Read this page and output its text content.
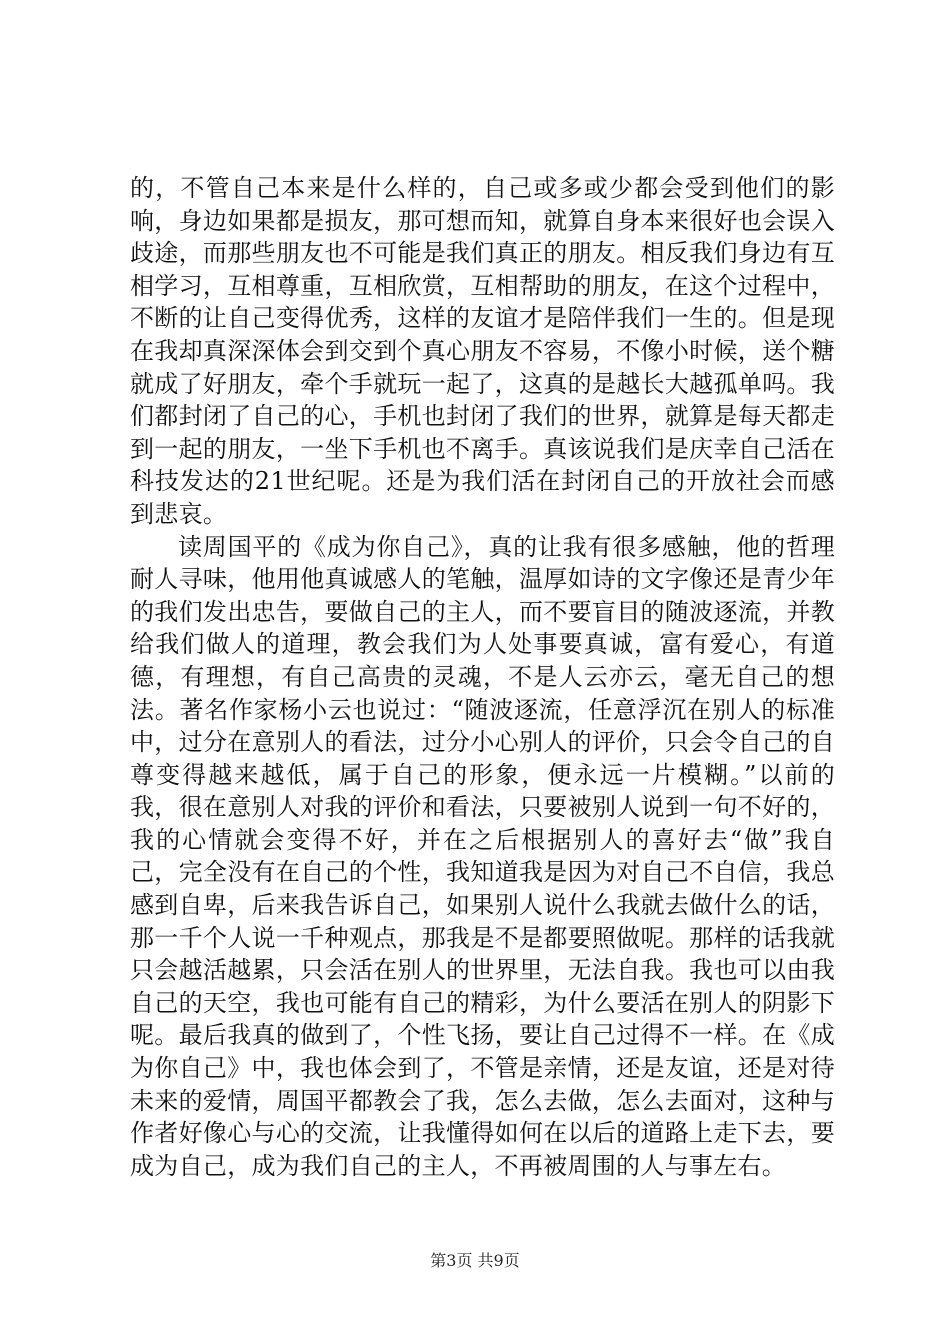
的，不管自己本来是什么样的，自己或多或少都会受到他们的影响，身边如果都是损友，那可想而知，就算自身本来很好也会误入歧途，而那些朋友也不可能是我们真正的朋友。相反我们身边有互相学习，互相尊重，互相欣赏，互相帮助的朋友，在这个过程中，不断的让自己变得优秀，这样的友谊才是陪伴我们一生的。但是现在我却真深深体会到交到个真心朋友不容易，不像小时候，送个糖就成了好朋友，牵个手就玩一起了，这真的是越长大越孤单吗。我们都封闭了自己的心，手机也封闭了我们的世界，就算是每天都走到一起的朋友，一坐下手机也不离手。真该说我们是庆幸自己活在科技发达的21世纪呢。还是为我们活在封闭自己的开放社会而感到悲哀。

读周国平的《成为你自己》，真的让我有很多感触，他的哲理耐人寻味，他用他真诚感人的笔触，温厚如诗的文字像还是青少年的我们发出忠告，要做自己的主人，而不要盲目的随波逐流，并教给我们做人的道理，教会我们为人处事要真诚，富有爱心，有道德，有理想，有自己高贵的灵魂，不是人云亦云，毫无自己的想法。著名作家杨小云也说过：“随波逐流，任意浮沉在别人的标准中，过分在意别人的看法，过分小心别人的评价，只会令自己的自尊变得越来越低，属于自己的形象，便永远一片模糊。”以前的我，很在意别人对我的评价和看法，只要被别人说到一句不好的，我的心情就会变得不好，并在之后根据别人的喜好去“做”我自己，完全没有在自己的个性，我知道我是因为对自己不自信，我总感到自卑，后来我告诉自己，如果别人说什么我就去做什么的话，那一千个人说一千种观点，那我是不是都要照做呢。那样的话我就只会越活越累，只会活在别人的世界里，无法自我。我也可以由我自己的天空，我也可能有自己的精彩，为什么要活在别人的阴影下呢。最后我真的做到了，个性飞扬，要让自己过得不一样。在《成为你自己》中，我也体会到了，不管是亲情，还是友谊，还是对待未来的爱情，周国平都教会了我，怎么去做，怎么去面对，这种与作者好像心与心的交流，让我懂得如何在以后的道路上走下去，要成为自己，成为我们自己的主人，不再被周围的人与事左右。

第3页 共9页
